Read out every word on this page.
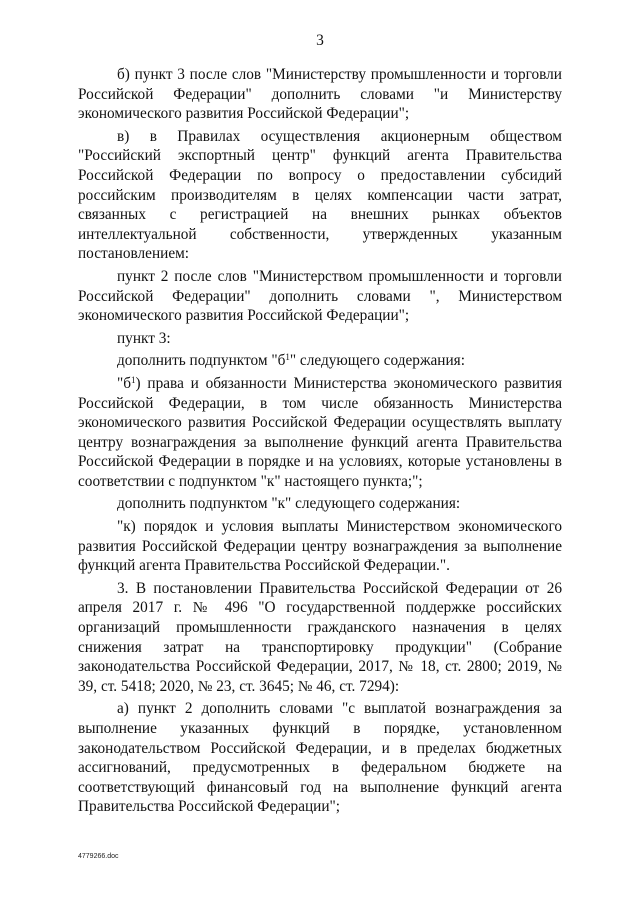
3

б) пункт 3 после слов "Министерству промышленности и торговли Российской Федерации" дополнить словами "и Министерству экономического развития Российской Федерации";

в) в Правилах осуществления акционерным обществом "Российский экспортный центр" функций агента Правительства Российской Федерации по вопросу о предоставлении субсидий российским производителям в целях компенсации части затрат, связанных с регистрацией на внешних рынках объектов интеллектуальной собственности, утвержденных указанным постановлением:

пункт 2 после слов "Министерством промышленности и торговли Российской Федерации" дополнить словами ", Министерством экономического развития Российской Федерации";

пункт 3:

дополнить подпунктом "$б^1$" следующего содержания:

"$б^1$) права и обязанности Министерства экономического развития Российской Федерации, в том числе обязанность Министерства экономического развития Российской Федерации осуществлять выплату центру вознаграждения за выполнение функций агента Правительства Российской Федерации в порядке и на условиях, которые установлены в соответствии с подпунктом "к" настоящего пункта;";

дополнить подпунктом "к" следующего содержания:

"к) порядок и условия выплаты Министерством экономического развития Российской Федерации центру вознаграждения за выполнение функций агента Правительства Российской Федерации.".

3. В постановлении Правительства Российской Федерации от 26 апреля 2017 г. № 496 "О государственной поддержке российских организаций промышленности гражданского назначения в целях снижения затрат на транспортировку продукции" (Собрание законодательства Российской Федерации, 2017, № 18, ст. 2800; 2019, № 39, ст. 5418; 2020, № 23, ст. 3645; № 46, ст. 7294):

а) пункт 2 дополнить словами "с выплатой вознаграждения за выполнение указанных функций в порядке, установленном законодательством Российской Федерации, и в пределах бюджетных ассигнований, предусмотренных в федеральном бюджете на соответствующий финансовый год на выполнение функций агента Правительства Российской Федерации";

4779266.doc
